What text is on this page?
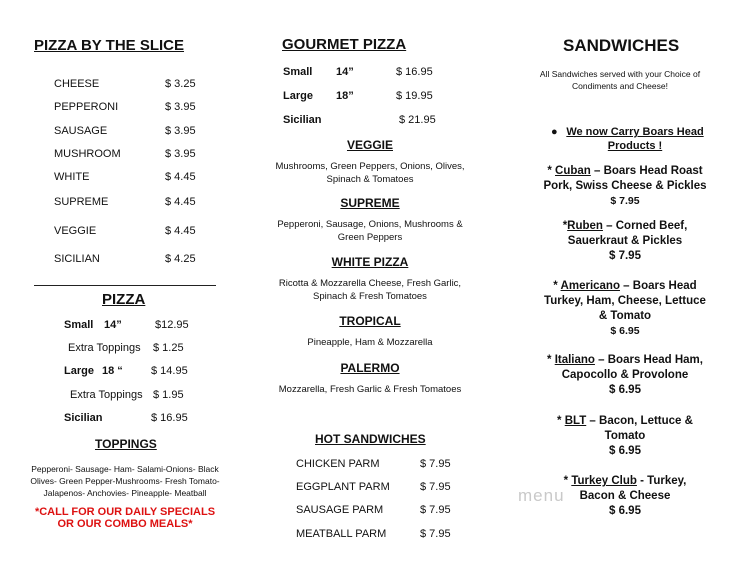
PIZZA BY THE SLICE
CHEESE	$ 3.25
PEPPERONI	$ 3.95
SAUSAGE	$ 3.95
MUSHROOM	$ 3.95
WHITE	$ 4.45
SUPREME	$ 4.45
VEGGIE	$ 4.45
SICILIAN	$ 4.25
PIZZA
Small 14”	$12.95
Extra Toppings $ 1.25
Large 18 “	$ 14.95
Extra Toppings $ 1.95
Sicilian	$ 16.95
TOPPINGS
Pepperoni- Sausage- Ham- Salami-Onions- Black
Olives- Green Pepper-Mushrooms- Fresh Tomato-
Jalapenos- Anchovies- Pineapple- Meatball
*CALL FOR OUR DAILY SPECIALS
OR OUR COMBO MEALS*
GOURMET PIZZA
Small 14”	$ 16.95
Large 18”	$ 19.95
Sicilian	$ 21.95
VEGGIE
Mushrooms, Green Peppers, Onions, Olives,
Spinach & Tomatoes
SUPREME
Pepperoni, Sausage, Onions, Mushrooms &
Green Peppers
WHITE PIZZA
Ricotta & Mozzarella Cheese, Fresh Garlic,
Spinach & Fresh Tomatoes
TROPICAL
Pineapple, Ham & Mozzarella
PALERMO
Mozzarella, Fresh Garlic & Fresh Tomatoes
HOT SANDWICHES
CHICKEN PARM	$ 7.95
EGGPLANT PARM	$ 7.95
SAUSAGE PARM	$ 7.95
MEATBALL PARM	$ 7.95
SANDWICHES
All Sandwiches served with your Choice of
Condiments and Cheese!
● We now Carry Boars Head
Products !
* Cuban – Boars Head Roast
Pork, Swiss Cheese & Pickles
$ 7.95
*Ruben – Corned Beef,
Sauerkraut & Pickles
$ 7.95
* Americano – Boars Head
Turkey, Ham, Cheese, Lettuce
& Tomato
$ 6.95
* Italiano – Boars Head Ham,
Capocollo & Provolone
$ 6.95
* BLT – Bacon, Lettuce &
Tomato
$ 6.95
menu
* Turkey Club - Turkey,
Bacon & Cheese
$ 6.95
